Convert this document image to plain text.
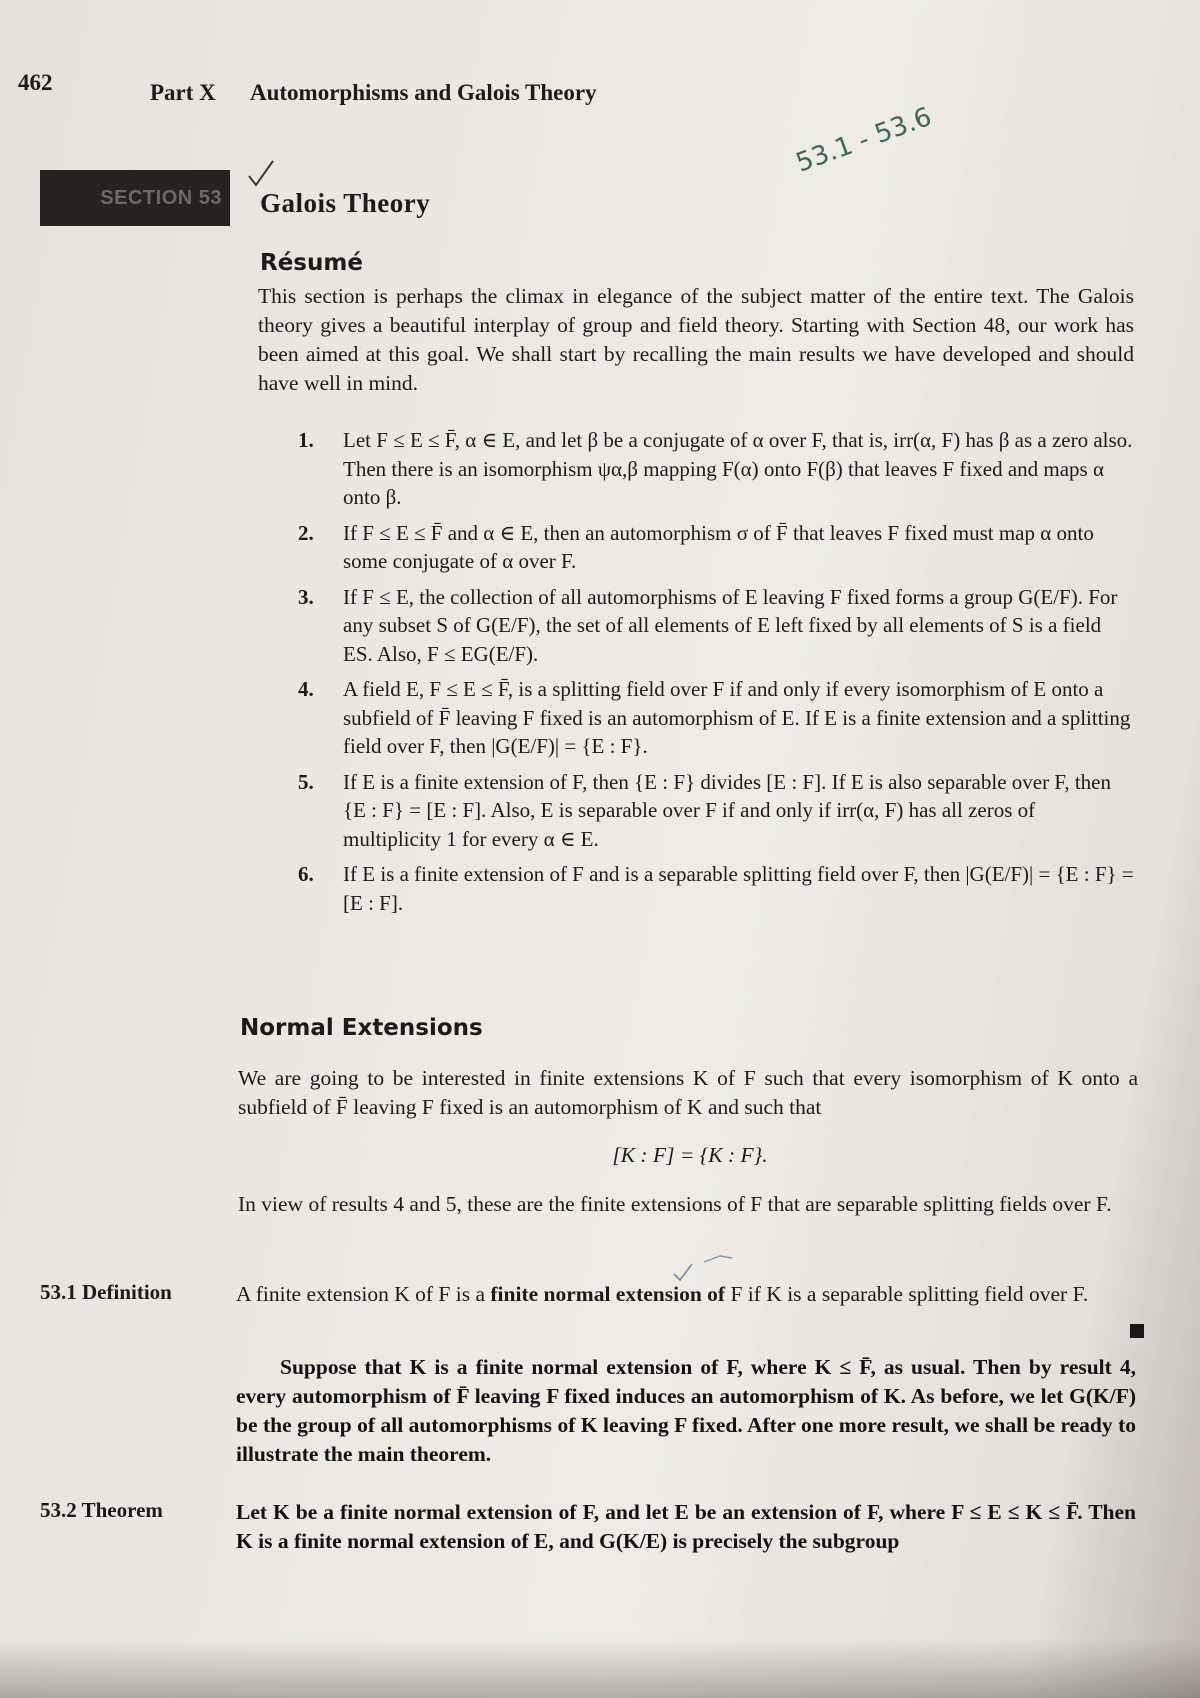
462	Part X Automorphisms and Galois Theory
53.1 - 53.6
SECTION 53 Galois Theory
Résumé

This section is perhaps the climax in elegance of the subject matter of the entire text. The Galois theory gives a beautiful interplay of group and field theory. Starting with Section 48, our work has been aimed at this goal. We shall start by recalling the main results we have developed and should have well in mind.

1. Let F ≤ E ≤ F̄, α ∈ E, and let β be a conjugate of α over F, that is, irr(α, F) has β as a zero also. Then there is an isomorphism ψα,β mapping F(α) onto F(β) that leaves F fixed and maps α onto β.
2. If F ≤ E ≤ F̄ and α ∈ E, then an automorphism σ of F̄ that leaves F fixed must map α onto some conjugate of α over F.
3. If F ≤ E, the collection of all automorphisms of E leaving F fixed forms a group G(E/F). For any subset S of G(E/F), the set of all elements of E left fixed by all elements of S is a field ES. Also, F ≤ EG(E/F).
4. A field E, F ≤ E ≤ F̄, is a splitting field over F if and only if every isomorphism of E onto a subfield of F̄ leaving F fixed is an automorphism of E. If E is a finite extension and a splitting field over F, then |G(E/F)| = {E : F}.
5. If E is a finite extension of F, then {E : F} divides [E : F]. If E is also separable over F, then {E : F} = [E : F]. Also, E is separable over F if and only if irr(α, F) has all zeros of multiplicity 1 for every α ∈ E.
6. If E is a finite extension of F and is a separable splitting field over F, then |G(E/F)| = {E : F} = [E : F].
Normal Extensions

We are going to be interested in finite extensions K of F such that every isomorphism of K onto a subfield of F̄ leaving F fixed is an automorphism of K and such that

[K : F] = {K : F}.

In view of results 4 and 5, these are the finite extensions of F that are separable splitting fields over F.

53.1 Definition	A finite extension K of F is a finite normal extension of F if K is a separable splitting field over F.

Suppose that K is a finite normal extension of F, where K ≤ F̄, as usual. Then by result 4, every automorphism of F̄ leaving F fixed induces an automorphism of K. As before, we let G(K/F) be the group of all automorphisms of K leaving F fixed. After one more result, we shall be ready to illustrate the main theorem.

53.2 Theorem	Let K be a finite normal extension of F, and let E be an extension of F, where F ≤ E ≤ K ≤ F̄. Then K is a finite normal extension of E, and G(K/E) is precisely the subgroup
